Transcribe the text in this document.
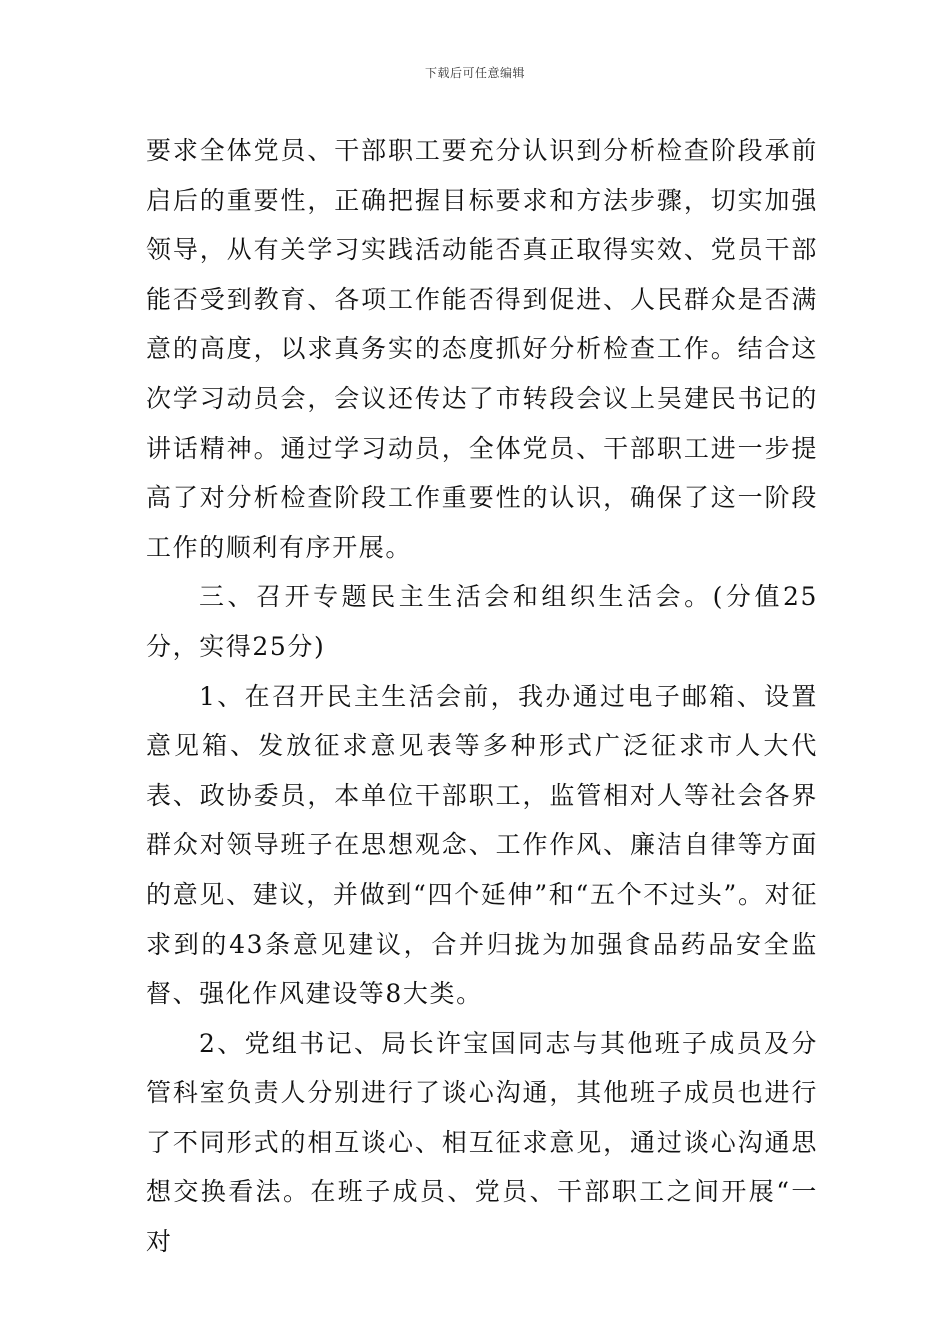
下载后可任意编辑

要求全体党员、干部职工要充分认识到分析检查阶段承前启后的重要性，正确把握目标要求和方法步骤，切实加强领导，从有关学习实践活动能否真正取得实效、党员干部能否受到教育、各项工作能否得到促进、人民群众是否满意的高度，以求真务实的态度抓好分析检查工作。结合这次学习动员会，会议还传达了市转段会议上吴建民书记的讲话精神。通过学习动员，全体党员、干部职工进一步提高了对分析检查阶段工作重要性的认识，确保了这一阶段工作的顺利有序开展。

三、召开专题民主生活会和组织生活会。(分值25分，实得25分)

1、在召开民主生活会前，我办通过电子邮箱、设置意见箱、发放征求意见表等多种形式广泛征求市人大代表、政协委员，本单位干部职工，监管相对人等社会各界群众对领导班子在思想观念、工作作风、廉洁自律等方面的意见、建议，并做到“四个延伸”和“五个不过头”。对征求到的43条意见建议，合并归拢为加强食品药品安全监督、强化作风建设等8大类。

2、党组书记、局长许宝国同志与其他班子成员及分管科室负责人分别进行了谈心沟通，其他班子成员也进行了不同形式的相互谈心、相互征求意见，通过谈心沟通思想交换看法。在班子成员、党员、干部职工之间开展“一对
